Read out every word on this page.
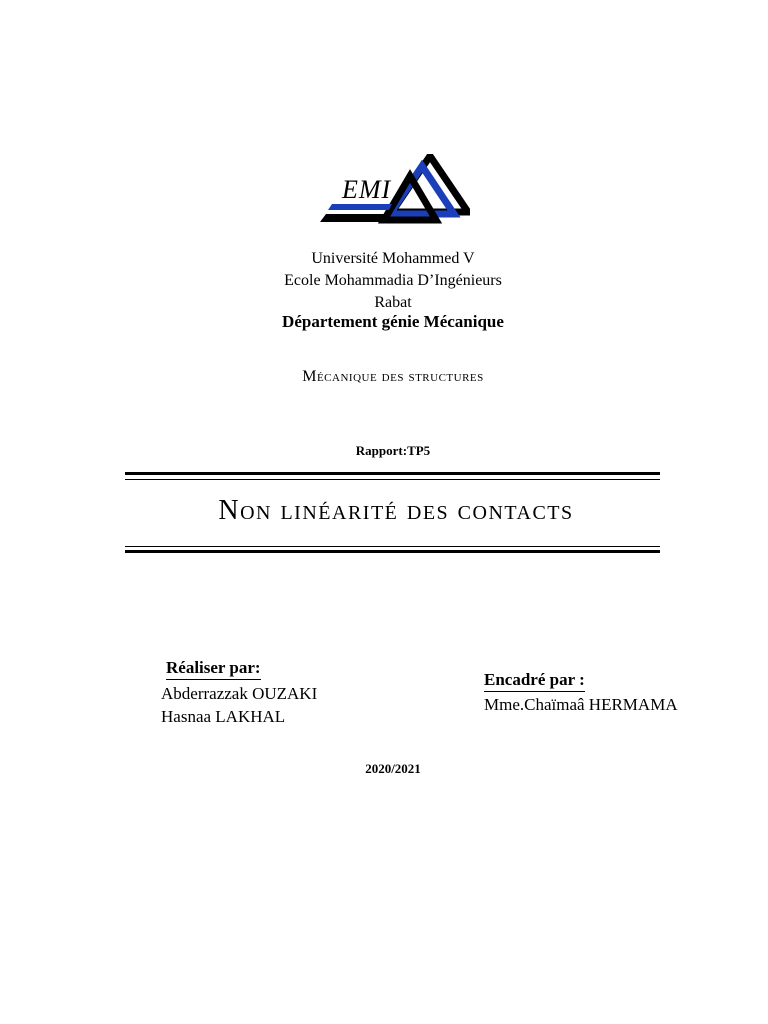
EMI
Université Mohammed V
Ecole Mohammadia D’Ingénieurs
Rabat
Département génie Mécanique
Mécanique des structures
Rapport:TP5
Non linéarité des contacts
Réaliser par:
Abderrazzak OUZAKI
Hasnaa LAKHAL
Encadré par :
Mme.Chaïmaâ HERMAMA
2020/2021
